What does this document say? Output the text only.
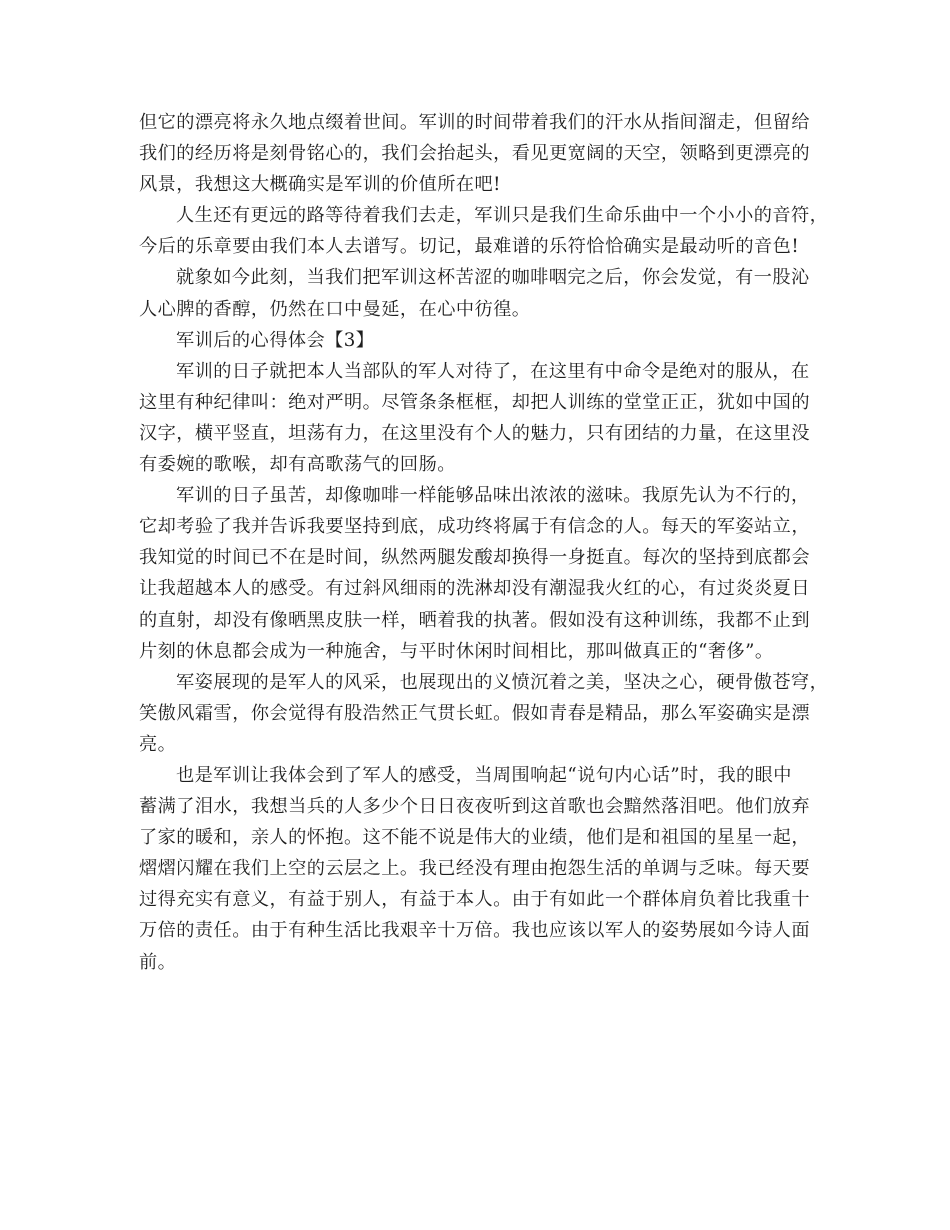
但它的漂亮将永久地点缀着世间。军训的时间带着我们的汗水从指间溜走，但留给
我们的经历将是刻骨铭心的，我们会抬起头，看见更宽阔的天空，领略到更漂亮的
风景，我想这大概确实是军训的价值所在吧!
人生还有更远的路等待着我们去走，军训只是我们生命乐曲中一个小小的音符，
今后的乐章要由我们本人去谱写。切记，最难谱的乐符恰恰确实是最动听的音色!
就象如今此刻，当我们把军训这杯苦涩的咖啡咽完之后，你会发觉，有一股沁
人心脾的香醇，仍然在口中曼延，在心中彷徨。
军训后的心得体会【3】
军训的日子就把本人当部队的军人对待了，在这里有中命令是绝对的服从，在
这里有种纪律叫：绝对严明。尽管条条框框，却把人训练的堂堂正正，犹如中国的
汉字，横平竖直，坦荡有力，在这里没有个人的魅力，只有团结的力量，在这里没
有委婉的歌喉，却有高歌荡气的回肠。
军训的日子虽苦，却像咖啡一样能够品味出浓浓的滋味。我原先认为不行的，
它却考验了我并告诉我要坚持到底，成功终将属于有信念的人。每天的军姿站立，
我知觉的时间已不在是时间，纵然两腿发酸却换得一身挺直。每次的坚持到底都会
让我超越本人的感受。有过斜风细雨的洗淋却没有潮湿我火红的心，有过炎炎夏日
的直射，却没有像晒黑皮肤一样，晒着我的执著。假如没有这种训练，我都不止到
片刻的休息都会成为一种施舍，与平时休闲时间相比，那叫做真正的“奢侈”。
军姿展现的是军人的风采，也展现出的义愤沉着之美，坚决之心，硬骨傲苍穹，
笑傲风霜雪，你会觉得有股浩然正气贯长虹。假如青春是精品，那么军姿确实是漂
亮。
也是军训让我体会到了军人的感受，当周围响起“说句内心话”时，我的眼中
蓄满了泪水，我想当兵的人多少个日日夜夜听到这首歌也会黯然落泪吧。他们放弃
了家的暖和，亲人的怀抱。这不能不说是伟大的业绩，他们是和祖国的星星一起，
熠熠闪耀在我们上空的云层之上。我已经没有理由抱怨生活的单调与乏味。每天要
过得充实有意义，有益于别人，有益于本人。由于有如此一个群体肩负着比我重十
万倍的责任。由于有种生活比我艰辛十万倍。我也应该以军人的姿势展如今诗人面
前。
